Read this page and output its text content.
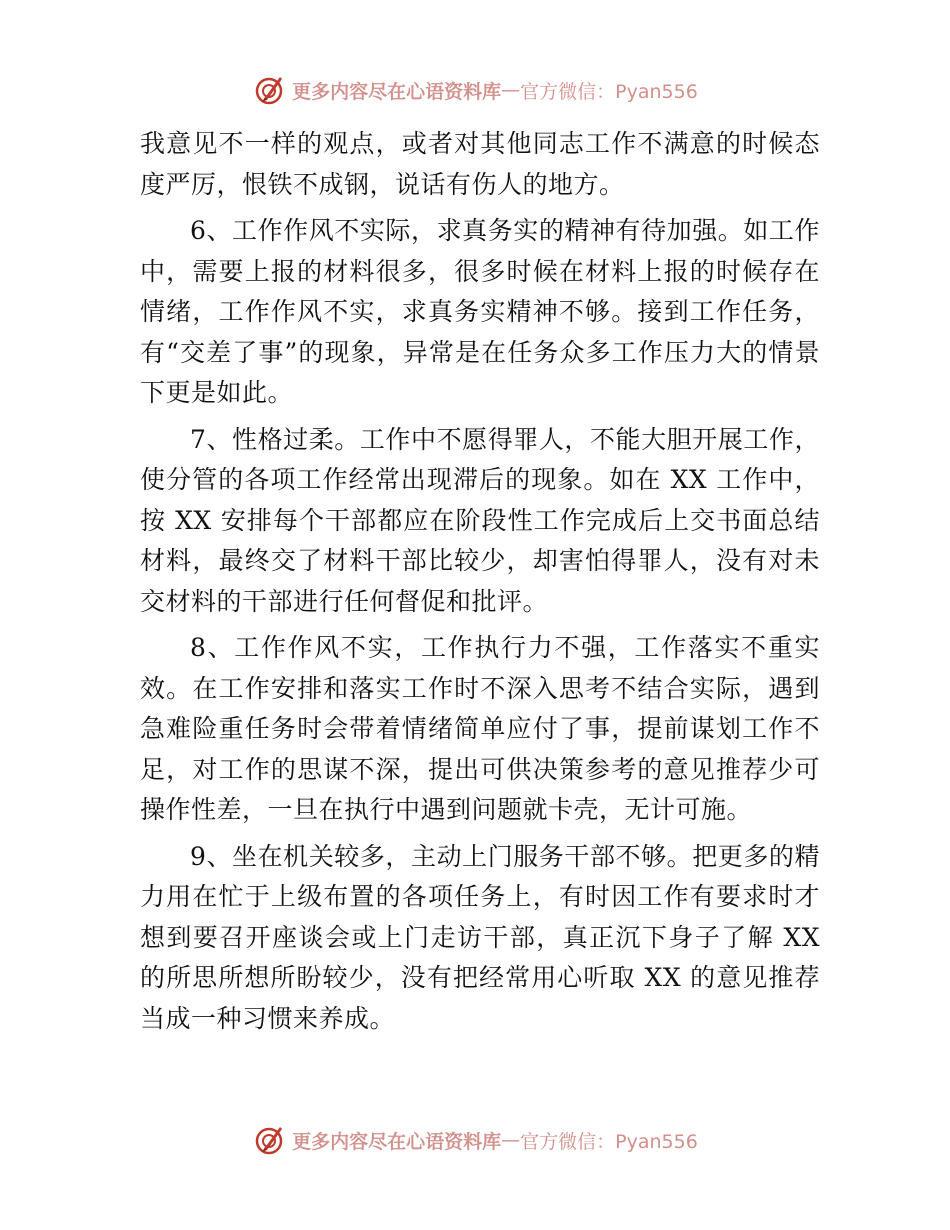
更多内容尽在心语资料库 — 官方微信：Pyan556

我意见不一样的观点，或者对其他同志工作不满意的时候态度严厉，恨铁不成钢，说话有伤人的地方。

6、工作作风不实际，求真务实的精神有待加强。如工作中，需要上报的材料很多，很多时候在材料上报的时候存在情绪，工作作风不实，求真务实精神不够。接到工作任务，有“交差了事”的现象，异常是在任务众多工作压力大的情景下更是如此。

7、性格过柔。工作中不愿得罪人，不能大胆开展工作，使分管的各项工作经常出现滞后的现象。如在 XX 工作中，按 XX 安排每个干部都应在阶段性工作完成后上交书面总结材料，最终交了材料干部比较少，却害怕得罪人，没有对未交材料的干部进行任何督促和批评。

8、工作作风不实，工作执行力不强，工作落实不重实效。在工作安排和落实工作时不深入思考不结合实际，遇到急难险重任务时会带着情绪简单应付了事，提前谋划工作不足，对工作的思谋不深，提出可供决策参考的意见推荐少可操作性差，一旦在执行中遇到问题就卡壳，无计可施。

9、坐在机关较多，主动上门服务干部不够。把更多的精力用在忙于上级布置的各项任务上，有时因工作有要求时才想到要召开座谈会或上门走访干部，真正沉下身子了解 XX 的所思所想所盼较少，没有把经常用心听取 XX 的意见推荐当成一种习惯来养成。

更多内容尽在心语资料库 — 官方微信：Pyan556
